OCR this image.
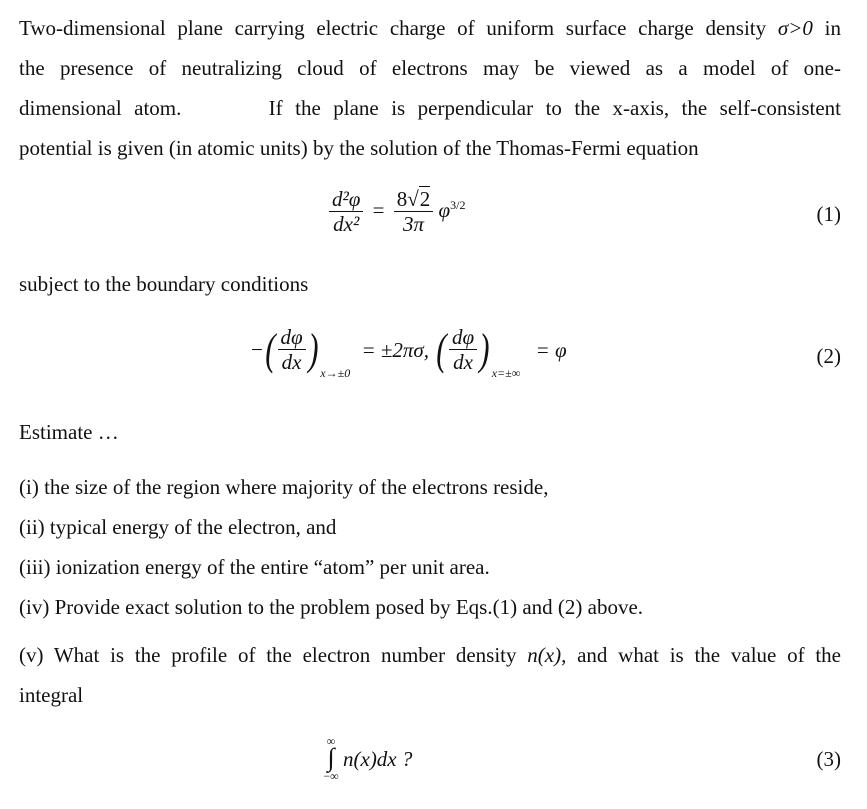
Two-dimensional plane carrying electric charge of uniform surface charge density σ>0 in
the presence of neutralizing cloud of electrons may be viewed as a model of one-
dimensional atom.	If the plane is perpendicular to the x-axis, the self-consistent
potential is given (in atomic units) by the solution of the Thomas-Fermi equation
$\frac{\text{d²φ}}{\text{dx²}} = \frac{8√2}{3\pi} \varphi^{3/2}$	(1)
subject to the boundary conditions
−( $\frac{d\varphi}{dx}$ ) $_{x\to\pm 0}$ = ±2πσ, ( $\frac{d\varphi}{dx}$ ) $_{x=\pm\infty}$ = φ	(2)
Estimate …
(i) the size of the region where majority of the electrons reside,
(ii) typical energy of the electron, and
(iii) ionization energy of the entire “atom” per unit area.
(iv) Provide exact solution to the problem posed by Eqs.(1) and (2) above.
(v) What is the profile of the electron number density n(x), and what is the value of the
integral
∞
∫
−∞
n(x)dx ?	(3)
